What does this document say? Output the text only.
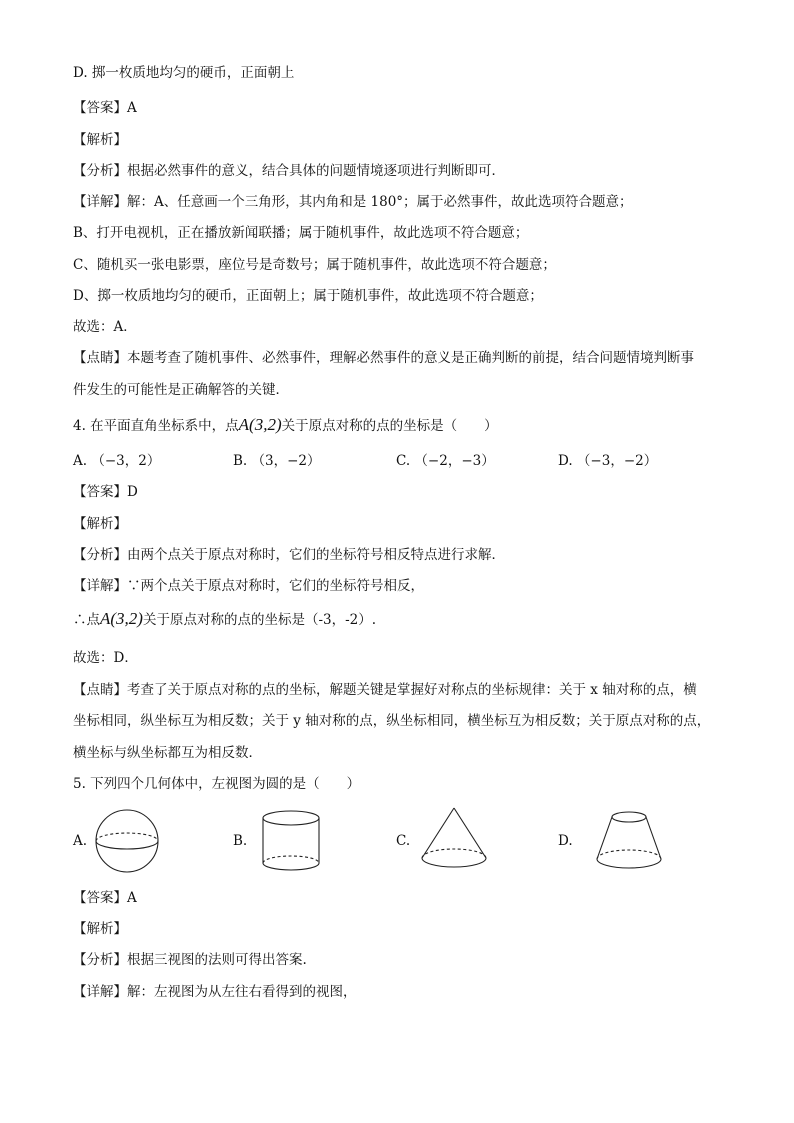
D. 掷一枚质地均匀的硬币，正面朝上
【答案】A
【解析】
【分析】根据必然事件的意义，结合具体的问题情境逐项进行判断即可．
【详解】解：A、任意画一个三角形，其内角和是 180°；属于必然事件，故此选项符合题意；
B、打开电视机，正在播放新闻联播；属于随机事件，故此选项不符合题意；
C、随机买一张电影票，座位号是奇数号；属于随机事件，故此选项不符合题意；
D、掷一枚质地均匀的硬币，正面朝上；属于随机事件，故此选项不符合题意；
故选：A．
【点睛】本题考查了随机事件、必然事件，理解必然事件的意义是正确判断的前提，结合问题情境判断事
件发生的可能性是正确解答的关键．
4. 在平面直角坐标系中，点A(3,2)关于原点对称的点的坐标是（　　）
A. （−3，2）	B. （3，−2）	C. （−2，−3）	D. （−3，−2）
【答案】D
【解析】
【分析】由两个点关于原点对称时，它们的坐标符号相反特点进行求解．
【详解】∵两个点关于原点对称时，它们的坐标符号相反，
∴点A(3,2)关于原点对称的点的坐标是（-3，-2）.
故选：D．
【点睛】考查了关于原点对称的点的坐标，解题关键是掌握好对称点的坐标规律：关于 x 轴对称的点，横
坐标相同，纵坐标互为相反数；关于 y 轴对称的点，纵坐标相同，横坐标互为相反数；关于原点对称的点，
横坐标与纵坐标都互为相反数．
5. 下列四个几何体中，左视图为圆的是（　　）
A.	B.	C.	D.
【答案】A
【解析】
【分析】根据三视图的法则可得出答案.
【详解】解：左视图为从左往右看得到的视图，
